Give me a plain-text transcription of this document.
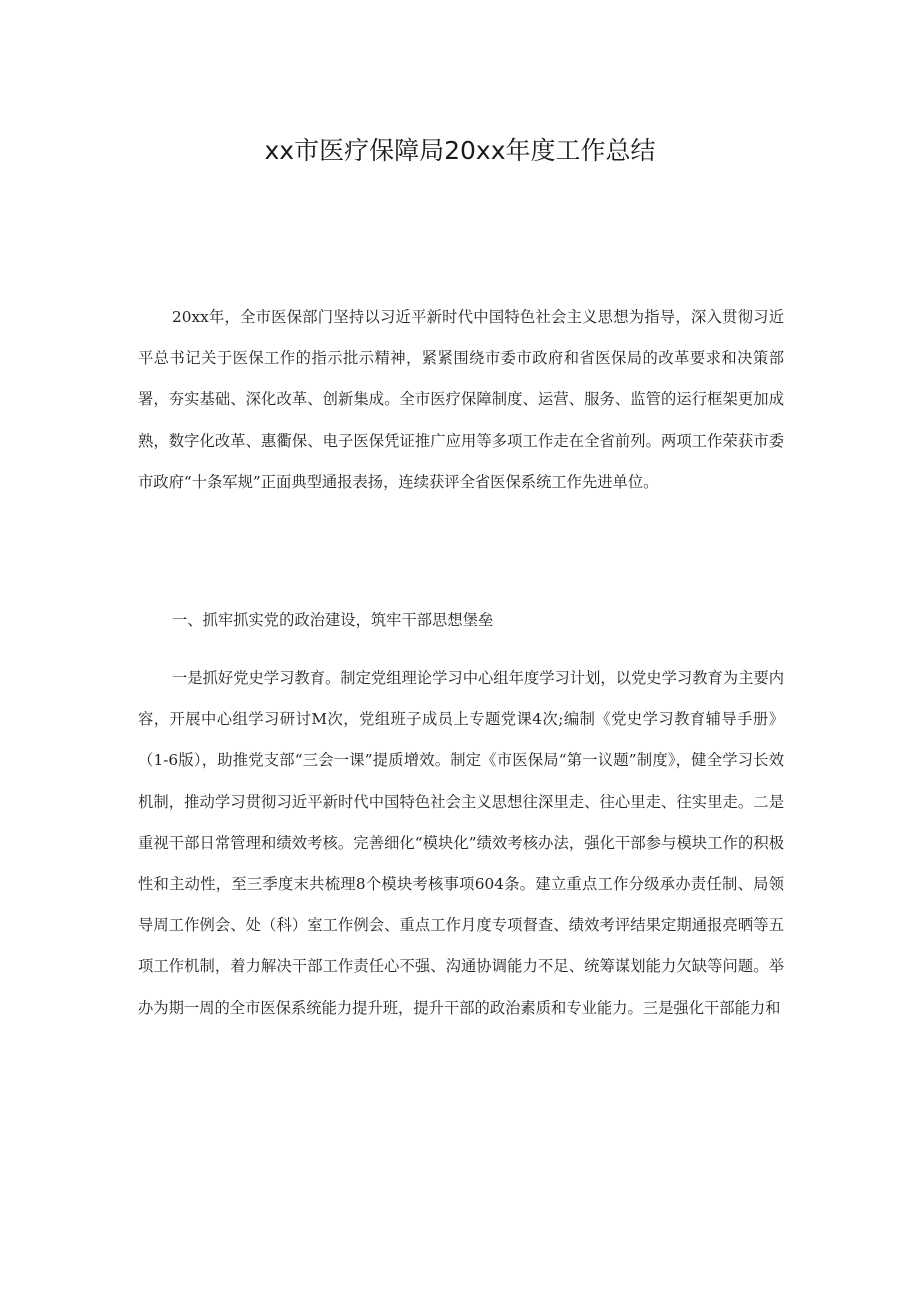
xx市医疗保障局20xx年度工作总结

20xx年，全市医保部门坚持以习近平新时代中国特色社会主义思想为指导，深入贯彻习近平总书记关于医保工作的指示批示精神，紧紧围绕市委市政府和省医保局的改革要求和决策部署，夯实基础、深化改革、创新集成。全市医疗保障制度、运营、服务、监管的运行框架更加成熟，数字化改革、惠衢保、电子医保凭证推广应用等多项工作走在全省前列。两项工作荣获市委市政府“十条军规”正面典型通报表扬，连续获评全省医保系统工作先进单位。

一、抓牢抓实党的政治建设，筑牢干部思想堡垒

一是抓好党史学习教育。制定党组理论学习中心组年度学习计划，以党史学习教育为主要内容，开展中心组学习研讨M次，党组班子成员上专题党课4次;编制《党史学习教育辅导手册》（1-6版），助推党支部“三会一课”提质增效。制定《市医保局“第一议题”制度》，健全学习长效机制，推动学习贯彻习近平新时代中国特色社会主义思想往深里走、往心里走、往实里走。二是重视干部日常管理和绩效考核。完善细化“模块化”绩效考核办法，强化干部参与模块工作的积极性和主动性，至三季度末共梳理8个模块考核事项604条。建立重点工作分级承办责任制、局领导周工作例会、处（科）室工作例会、重点工作月度专项督查、绩效考评结果定期通报亮晒等五项工作机制，着力解决干部工作责任心不强、沟通协调能力不足、统筹谋划能力欠缺等问题。举办为期一周的全市医保系统能力提升班，提升干部的政治素质和专业能力。三是强化干部能力和
